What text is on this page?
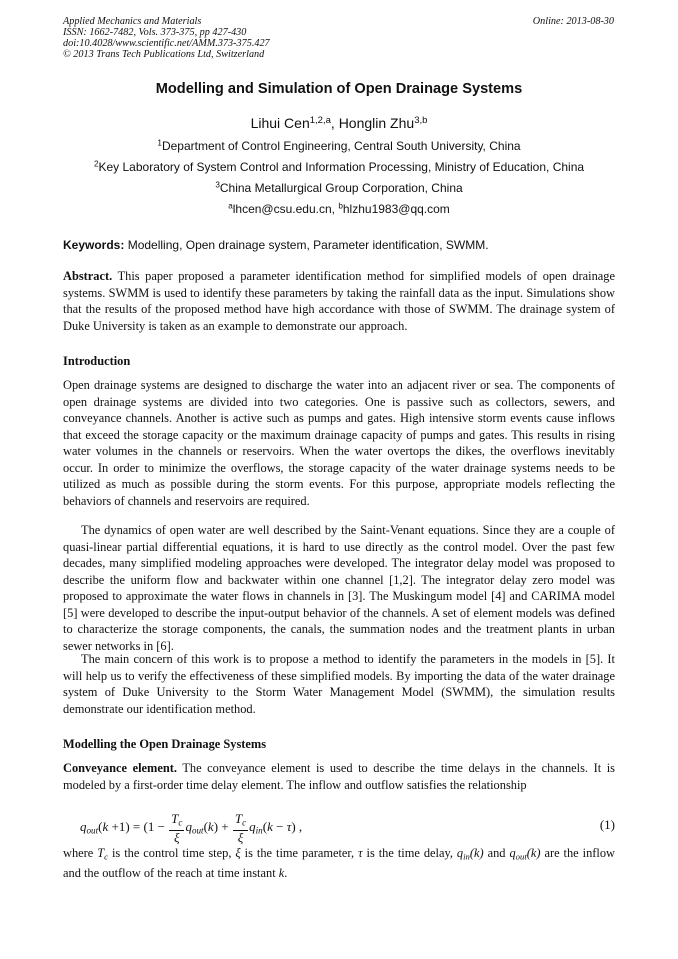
Applied Mechanics and Materials
ISSN: 1662-7482, Vols. 373-375, pp 427-430
doi:10.4028/www.scientific.net/AMM.373-375.427
© 2013 Trans Tech Publications Ltd, Switzerland
Online: 2013-08-30
Modelling and Simulation of Open Drainage Systems
Lihui Cen$^{1,2,a}$, Honglin Zhu$^{3,b}$
$^1$Department of Control Engineering, Central South University, China
$^2$Key Laboratory of System Control and Information Processing, Ministry of Education, China
$^3$China Metallurgical Group Corporation, China
$^a$lhcen@csu.edu.cn, $^b$hlzhu1983@qq.com
Keywords: Modelling, Open drainage system, Parameter identification, SWMM.

Abstract. This paper proposed a parameter identification method for simplified models of open drainage systems. SWMM is used to identify these parameters by taking the rainfall data as the input. Simulations show that the results of the proposed method have high accordance with those of SWMM. The drainage system of Duke University is taken as an example to demonstrate our approach.

Introduction

Open drainage systems are designed to discharge the water into an adjacent river or sea. The components of open drainage systems are divided into two categories. One is passive such as collectors, sewers, and conveyance channels. Another is active such as pumps and gates. High intensive storm events cause inflows that exceed the storage capacity or the maximum drainage capacity of pumps and gates. This results in rising water volumes in the channels or reservoirs. When the water overtops the dikes, the overflows inevitably occur. In order to minimize the overflows, the storage capacity of the water drainage systems needs to be utilized as much as possible during the storm events. For this purpose, appropriate models reflecting the behaviors of channels and reservoirs are required.

The dynamics of open water are well described by the Saint-Venant equations. Since they are a couple of quasi-linear partial differential equations, it is hard to use directly as the control model. Over the past few decades, many simplified modeling approaches were developed. The integrator delay model was proposed to describe the uniform flow and backwater within one channel [1,2]. The integrator delay zero model was proposed to approximate the water flows in channels in [3]. The Muskingum model [4] and CARIMA model [5] were developed to describe the input-output behavior of the channels. A set of element models was defined to characterize the storage components, the canals, the summation nodes and the treatment plants in urban sewer networks in [6].

The main concern of this work is to propose a method to identify the parameters in the models in [5]. It will help us to verify the effectiveness of these simplified models. By importing the data of the water drainage system of Duke University to the Storm Water Management Model (SWMM), the simulation results demonstrate our identification method.

Modelling the Open Drainage Systems

Conveyance element. The conveyance element is used to describe the time delays in the channels. It is modeled by a first-order time delay element. The inflow and outflow satisfies the relationship

$q_{out}(k +1) = (1 - \frac{T_c}{\xi} q_{out}(k) + \frac{T_c}{\xi} q_{in}(k - \tau)$ ,	(1)

where $T_c$ is the control time step, ξ is the time parameter, τ is the time delay, $q_{in}(k)$ and $q_{out}(k)$ are the inflow and the outflow of the reach at time instant k.
